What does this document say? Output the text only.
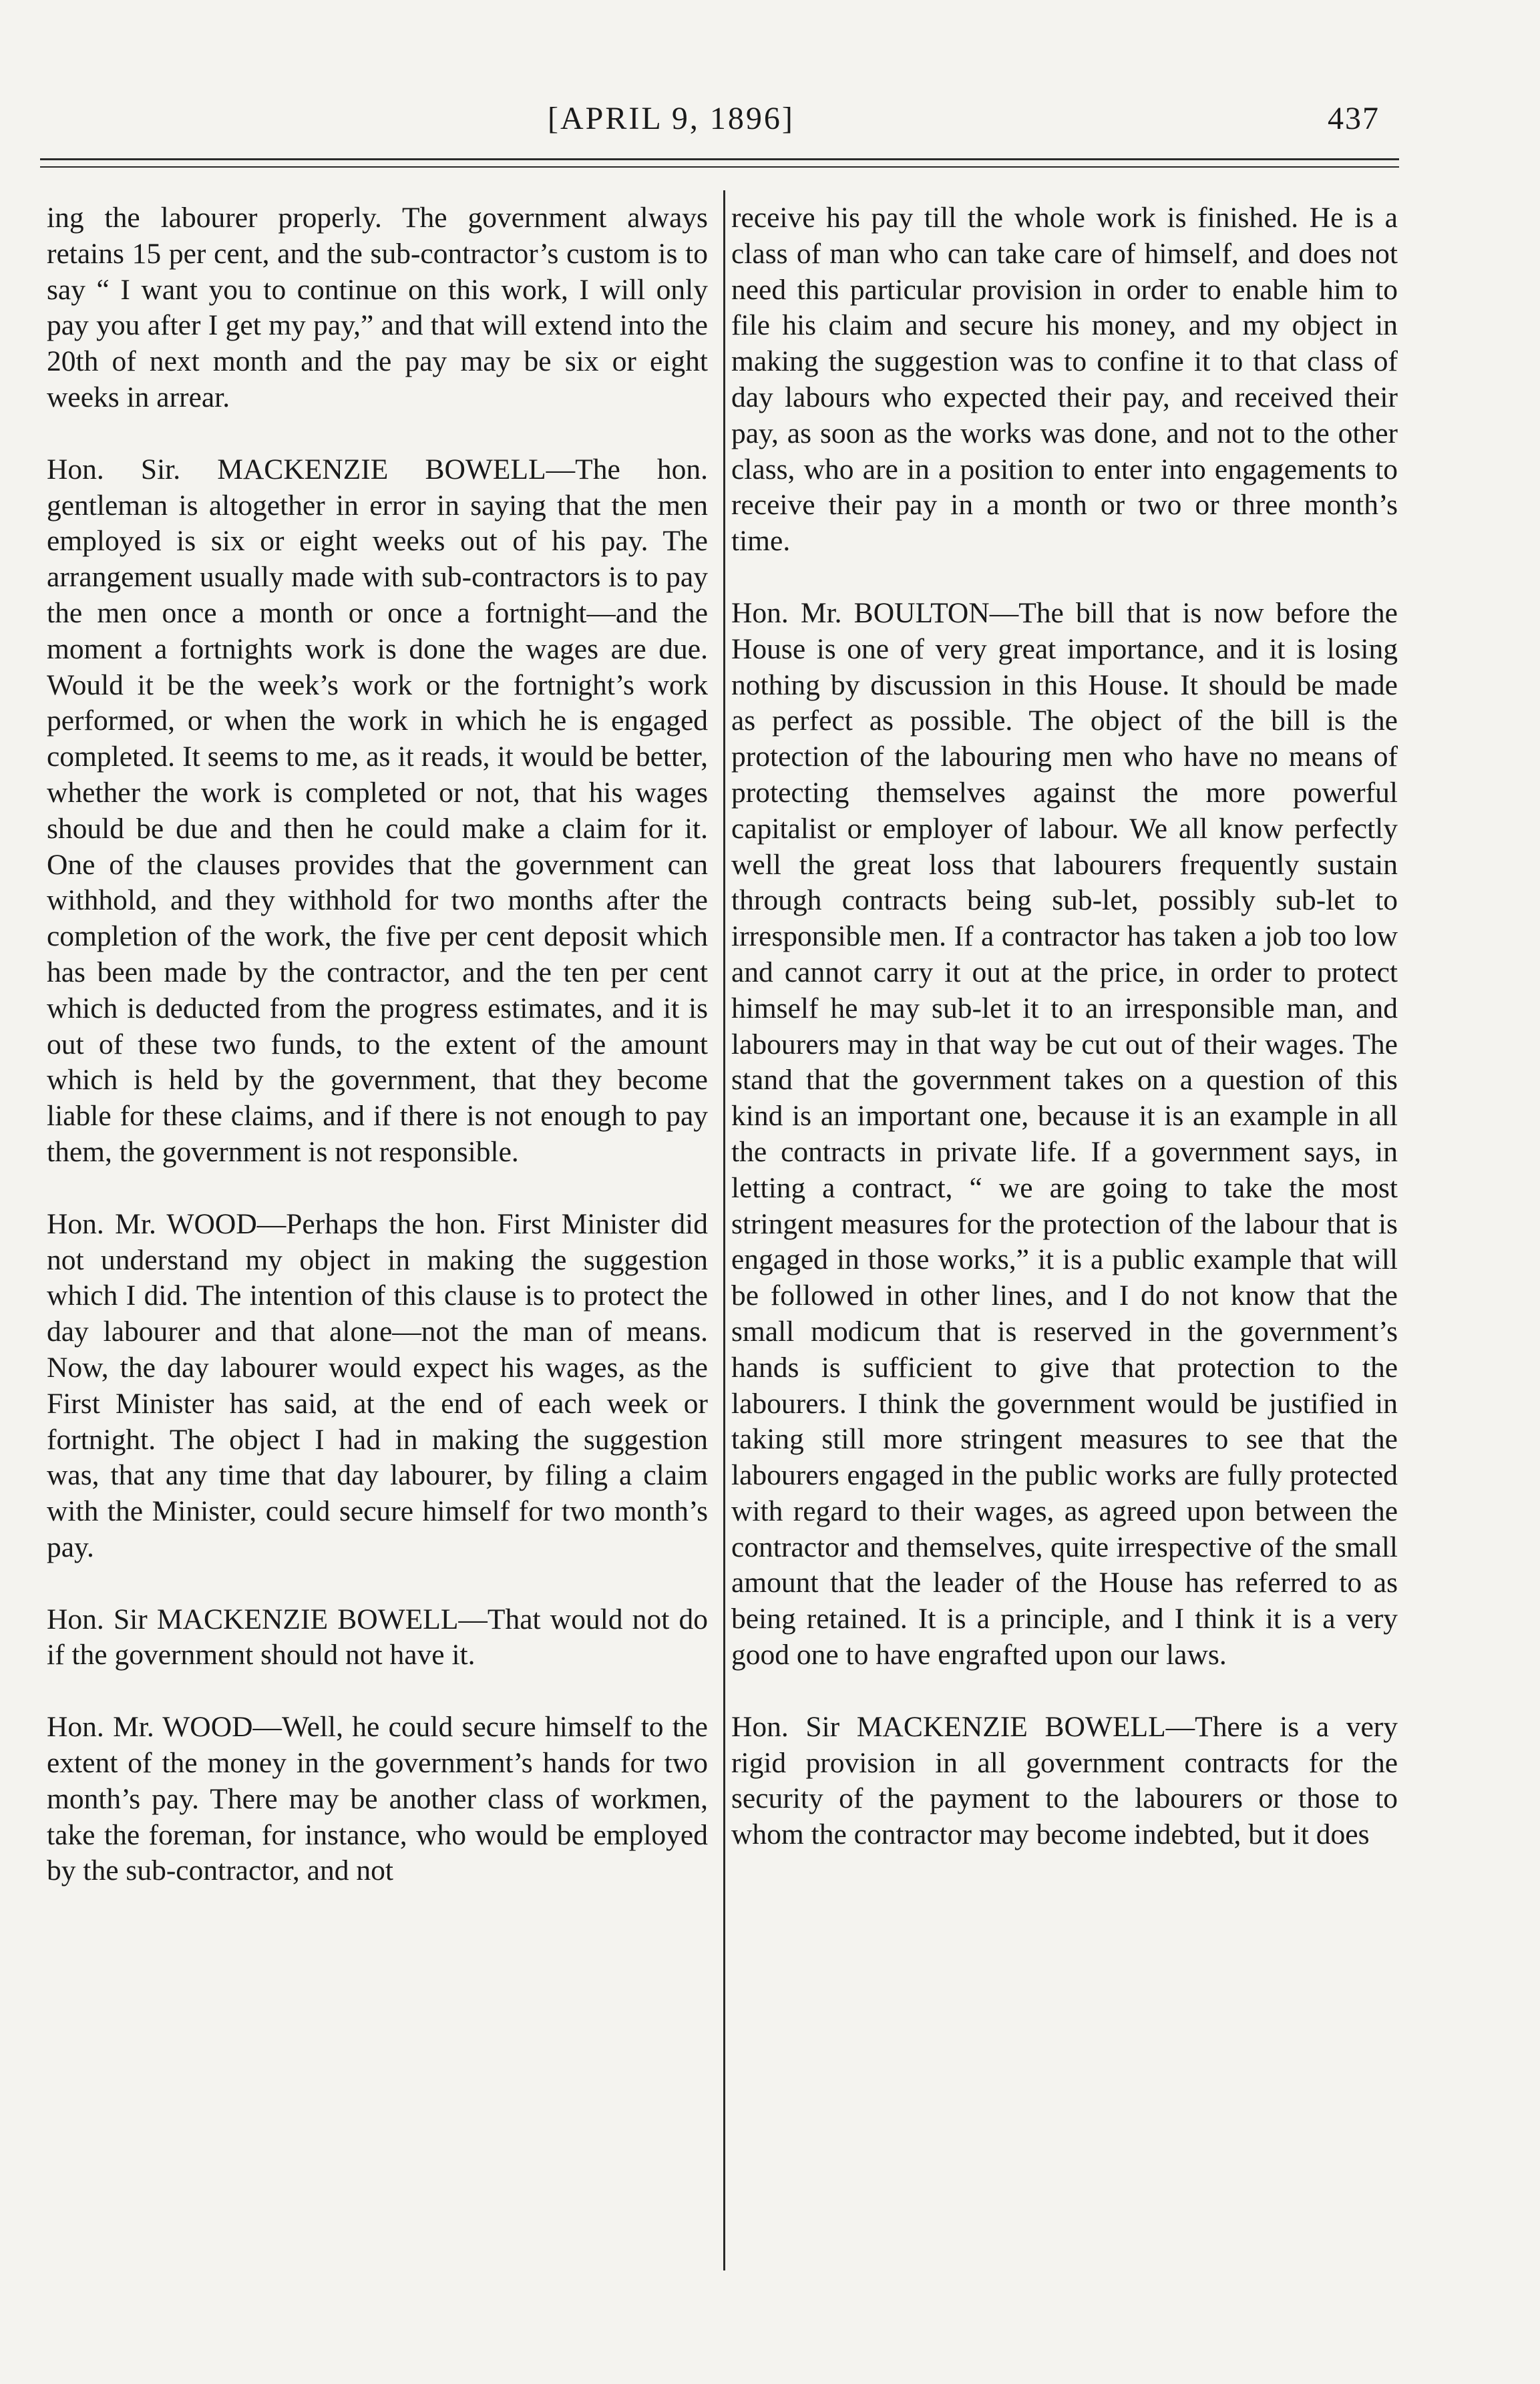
[APRIL 9, 1896]	437

ing the labourer properly. The government always retains 15 per cent, and the sub-contractor’s custom is to say “ I want you to continue on this work, I will only pay you after I get my pay,” and that will extend into the 20th of next month and the pay may be six or eight weeks in arrear.

Hon. Sir. MACKENZIE BOWELL—The hon. gentleman is altogether in error in saying that the men employed is six or eight weeks out of his pay. The arrangement usually made with sub-contractors is to pay the men once a month or once a fortnight—and the moment a fortnights work is done the wages are due. Would it be the week’s work or the fortnight’s work performed, or when the work in which he is engaged completed. It seems to me, as it reads, it would be better, whether the work is completed or not, that his wages should be due and then he could make a claim for it. One of the clauses provides that the government can withhold, and they withhold for two months after the completion of the work, the five per cent deposit which has been made by the contractor, and the ten per cent which is deducted from the progress estimates, and it is out of these two funds, to the extent of the amount which is held by the government, that they become liable for these claims, and if there is not enough to pay them, the government is not responsible.

Hon. Mr. WOOD—Perhaps the hon. First Minister did not understand my object in making the suggestion which I did. The intention of this clause is to protect the day labourer and that alone—not the man of means. Now, the day labourer would expect his wages, as the First Minister has said, at the end of each week or fortnight. The object I had in making the suggestion was, that any time that day labourer, by filing a claim with the Minister, could secure himself for two month’s pay.

Hon. Sir MACKENZIE BOWELL—That would not do if the government should not have it.

Hon. Mr. WOOD—Well, he could secure himself to the extent of the money in the government’s hands for two month’s pay. There may be another class of workmen, take the foreman, for instance, who would be employed by the sub-contractor, and not

receive his pay till the whole work is finished. He is a class of man who can take care of himself, and does not need this particular provision in order to enable him to file his claim and secure his money, and my object in making the suggestion was to confine it to that class of day labours who expected their pay, and received their pay, as soon as the works was done, and not to the other class, who are in a position to enter into engagements to receive their pay in a month or two or three month’s time.

Hon. Mr. BOULTON—The bill that is now before the House is one of very great importance, and it is losing nothing by discussion in this House. It should be made as perfect as possible. The object of the bill is the protection of the labouring men who have no means of protecting themselves against the more powerful capitalist or employer of labour. We all know perfectly well the great loss that labourers frequently sustain through contracts being sub-let, possibly sub-let to irresponsible men. If a contractor has taken a job too low and cannot carry it out at the price, in order to protect himself he may sub-let it to an irresponsible man, and labourers may in that way be cut out of their wages. The stand that the government takes on a question of this kind is an important one, because it is an example in all the contracts in private life. If a government says, in letting a contract, “ we are going to take the most stringent measures for the protection of the labour that is engaged in those works,” it is a public example that will be followed in other lines, and I do not know that the small modicum that is reserved in the government’s hands is sufficient to give that protection to the labourers. I think the government would be justified in taking still more stringent measures to see that the labourers engaged in the public works are fully protected with regard to their wages, as agreed upon between the contractor and themselves, quite irrespective of the small amount that the leader of the House has referred to as being retained. It is a principle, and I think it is a very good one to have engrafted upon our laws.

Hon. Sir MACKENZIE BOWELL—There is a very rigid provision in all government contracts for the security of the payment to the labourers or those to whom the contractor may become indebted, but it does
